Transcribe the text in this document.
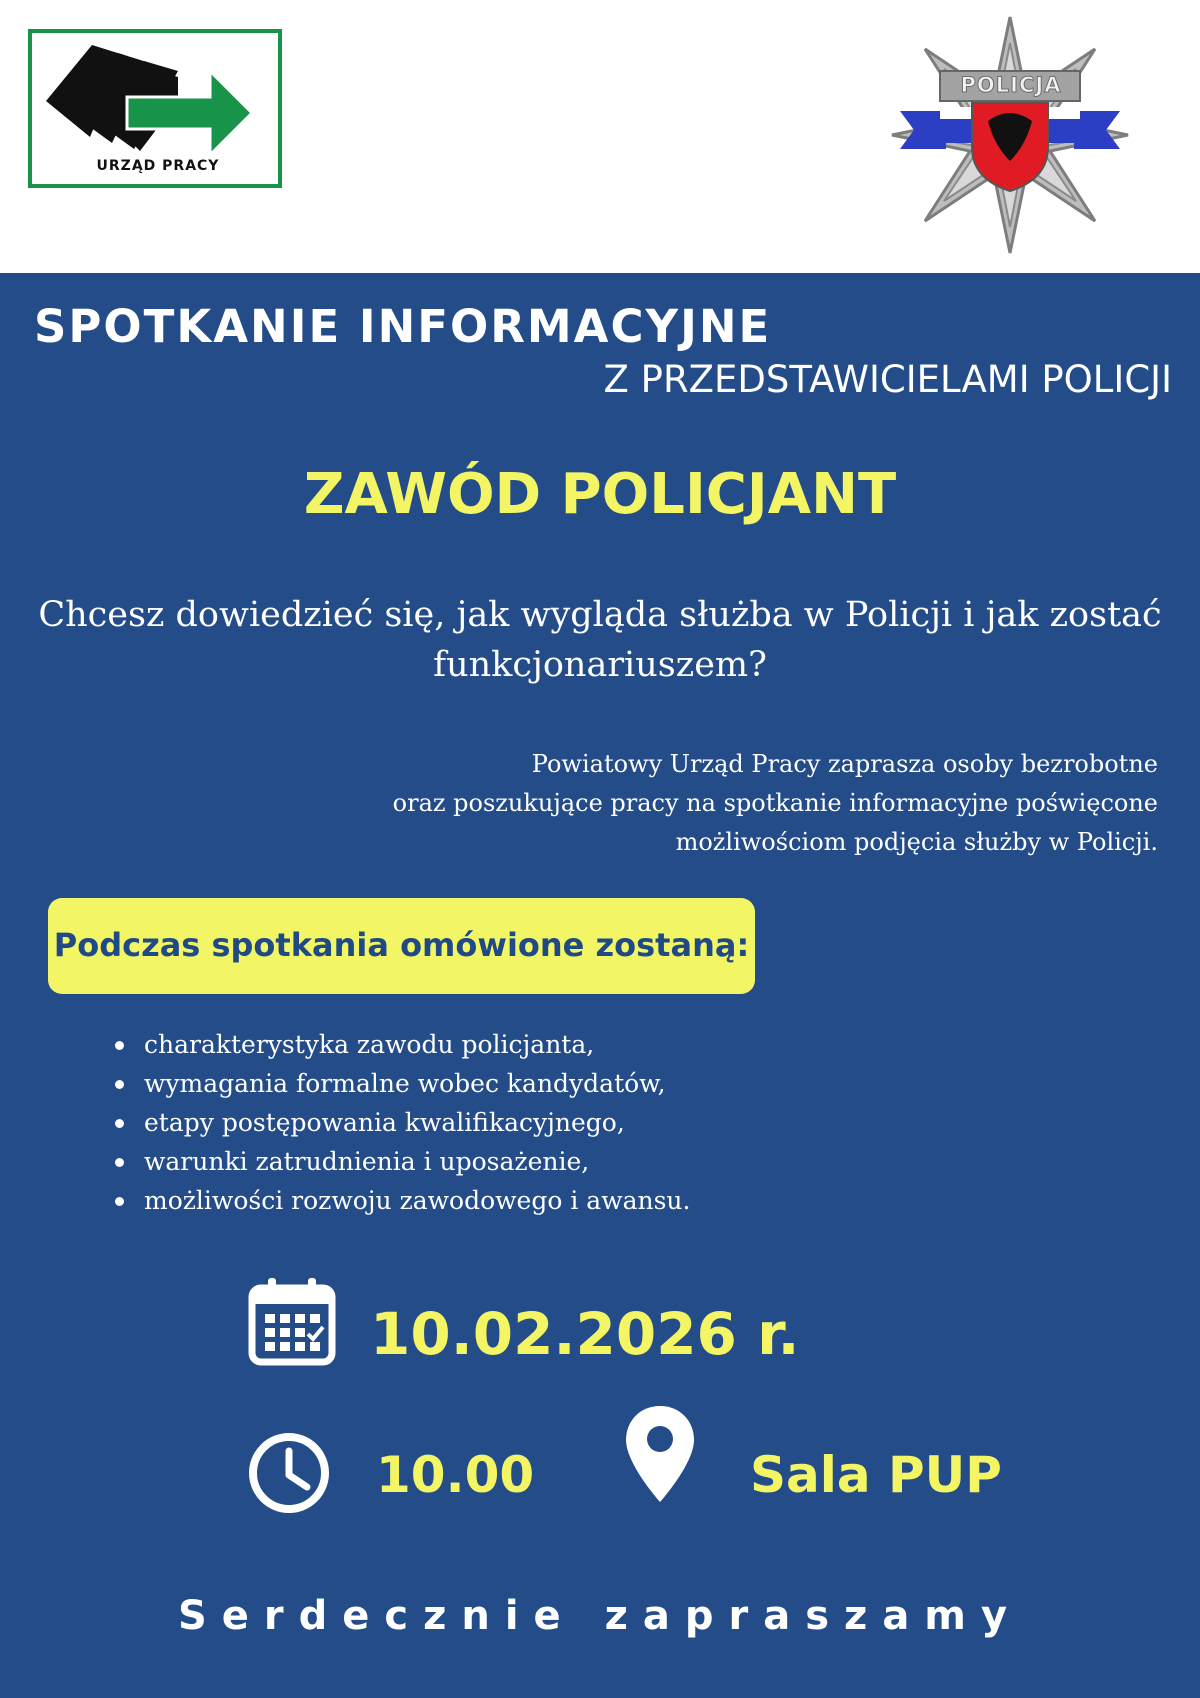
URZĄD PRACY
POLICJA
SPOTKANIE INFORMACYJNE
Z PRZEDSTAWICIELAMI POLICJI
ZAWÓD POLICJANT
Chcesz dowiedzieć się, jak wygląda służba w Policji i jak zostać
funkcjonariuszem?
Powiatowy Urząd Pracy zaprasza osoby bezrobotne
oraz poszukujące pracy na spotkanie informacyjne poświęcone
możliwościom podjęcia służby w Policji.
Podczas spotkania omówione zostaną:
charakterystyka zawodu policjanta,
wymagania formalne wobec kandydatów,
etapy postępowania kwalifikacyjnego,
warunki zatrudnienia i uposażenie,
możliwości rozwoju zawodowego i awansu.
10.02.2026 r.
10.00	Sala PUP
Serdecznie zapraszamy
